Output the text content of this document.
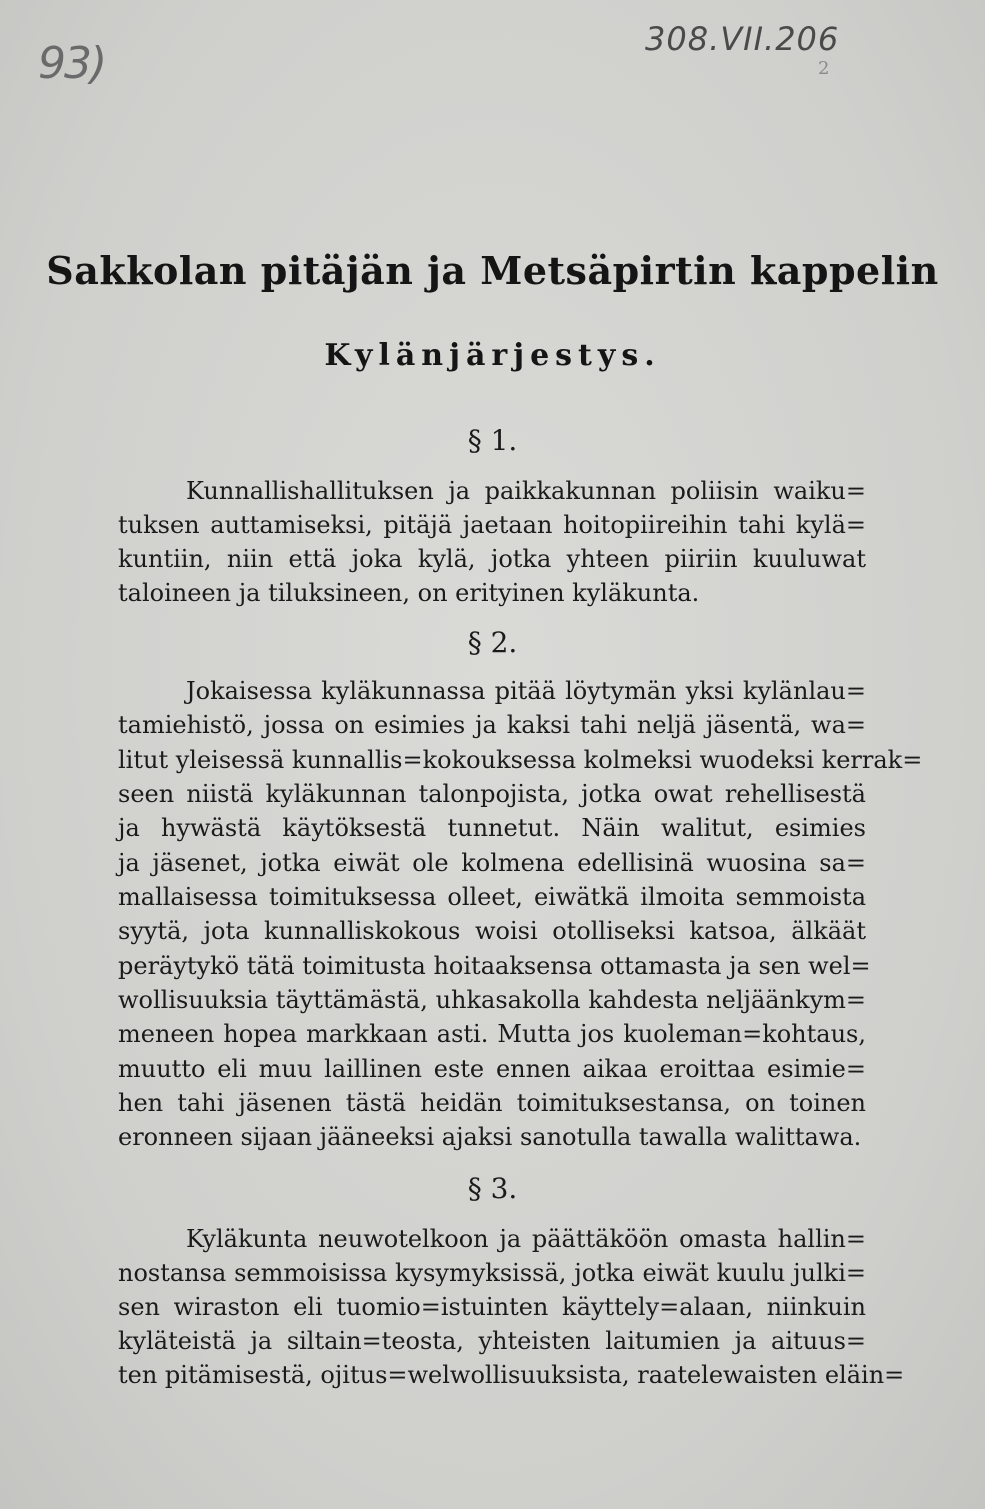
93)	308.VII.206
2
Sakkolan pitäjän ja Metsäpirtin kappelin
Kylänjärjestys.
§ 1.
Kunnallishallituksen ja paikkakunnan poliisin waiku=
tuksen auttamiseksi, pitäjä jaetaan hoitopiireihin tahi kylä=
kuntiin, niin että joka kylä, jotka yhteen piiriin kuuluwat
taloineen ja tiluksineen, on erityinen kyläkunta.
§ 2.
Jokaisessa kyläkunnassa pitää löytymän yksi kylänlau=
tamiehistö, jossa on esimies ja kaksi tahi neljä jäsentä, wa=
litut yleisessä kunnallis=kokouksessa kolmeksi wuodeksi kerrak=
seen niistä kyläkunnan talonpojista, jotka owat rehellisestä
ja hywästä käytöksestä tunnetut. Näin walitut, esimies
ja jäsenet, jotka eiwät ole kolmena edellisinä wuosina sa=
mallaisessa toimituksessa olleet, eiwätkä ilmoita semmoista
syytä, jota kunnalliskokous woisi otolliseksi katsoa, älkäät
peräytykö tätä toimitusta hoitaaksensa ottamasta ja sen wel=
wollisuuksia täyttämästä, uhkasakolla kahdesta neljäänkym=
meneen hopea markkaan asti. Mutta jos kuoleman=kohtaus,
muutto eli muu laillinen este ennen aikaa eroittaa esimie=
hen tahi jäsenen tästä heidän toimituksestansa, on toinen
eronneen sijaan jääneeksi ajaksi sanotulla tawalla walittawa.
§ 3.
Kyläkunta neuwotelkoon ja päättäköön omasta hallin=
nostansa semmoisissa kysymyksissä, jotka eiwät kuulu julki=
sen wiraston eli tuomio=istuinten käyttely=alaan, niinkuin
kyläteistä ja siltain=teosta, yhteisten laitumien ja aituus=
ten pitämisestä, ojitus=welwollisuuksista, raatelewaisten eläin=
